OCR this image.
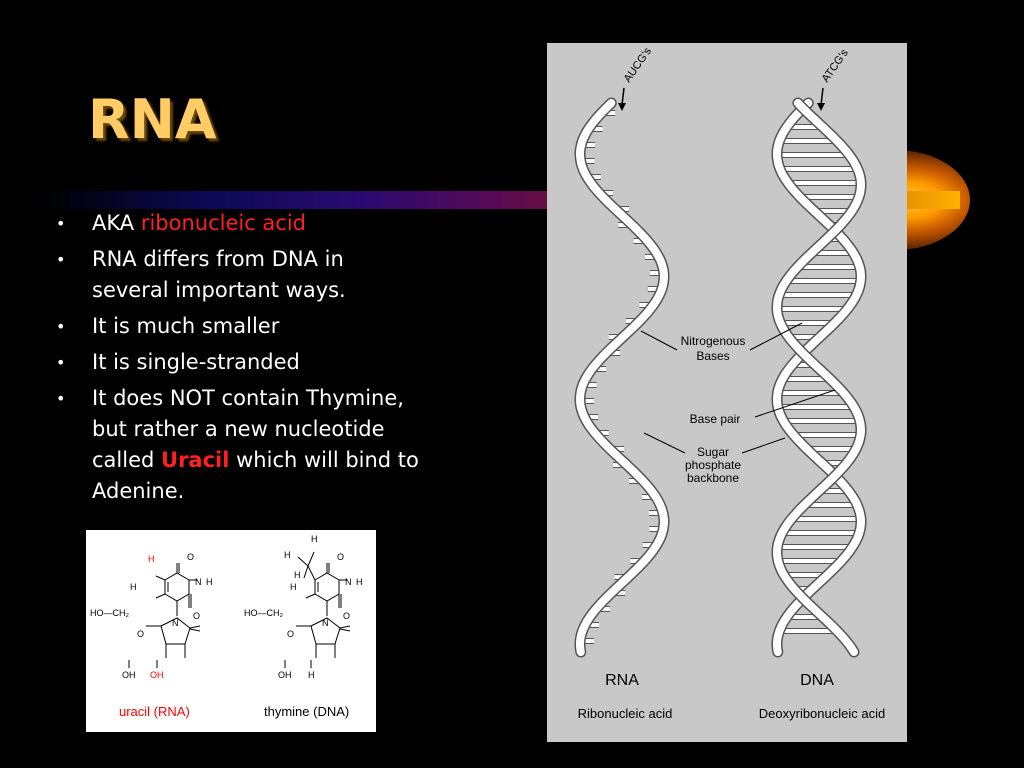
RNA
• AKA ribonucleic acid
• RNA differs from DNA in several important ways.
• It is much smaller
• It is single-stranded
• It does NOT contain Thymine, but rather a new nucleotide called Uracil which will bind to Adenine.
H	O
N H
H
N
O
HO—CH₂
O
OH OH
uracil (RNA)
H
H
H
O
N H
H
N
O
HO—CH₂
O
OH H
thymine (DNA)
AUCG's	ATCG's
Nitrogenous
Bases
Base pair
Sugar
phosphate
backbone
RNA	DNA
Ribonucleic acid	Deoxyribonucleic acid
